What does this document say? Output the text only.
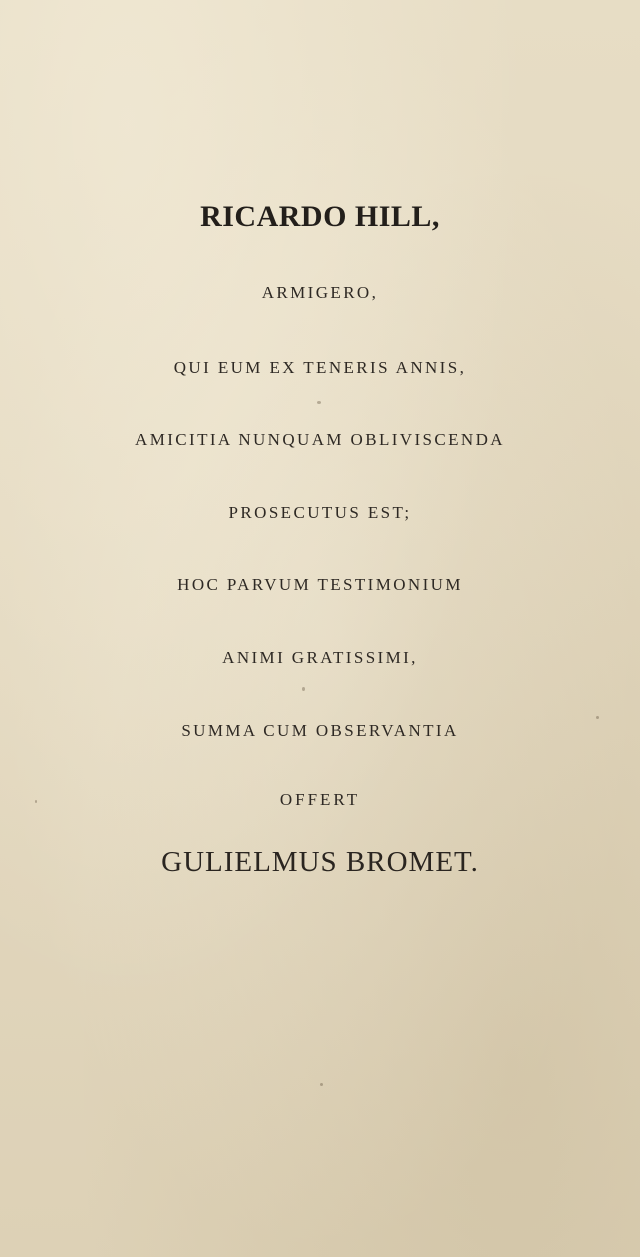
RICARDO HILL,
ARMIGERO,
QUI EUM EX TENERIS ANNIS,
AMICITIA NUNQUAM OBLIVISCENDA
PROSECUTUS EST;
HOC PARVUM TESTIMONIUM
ANIMI GRATISSIMI,
SUMMA CUM OBSERVANTIA
OFFERT
GULIELMUS BROMET.
